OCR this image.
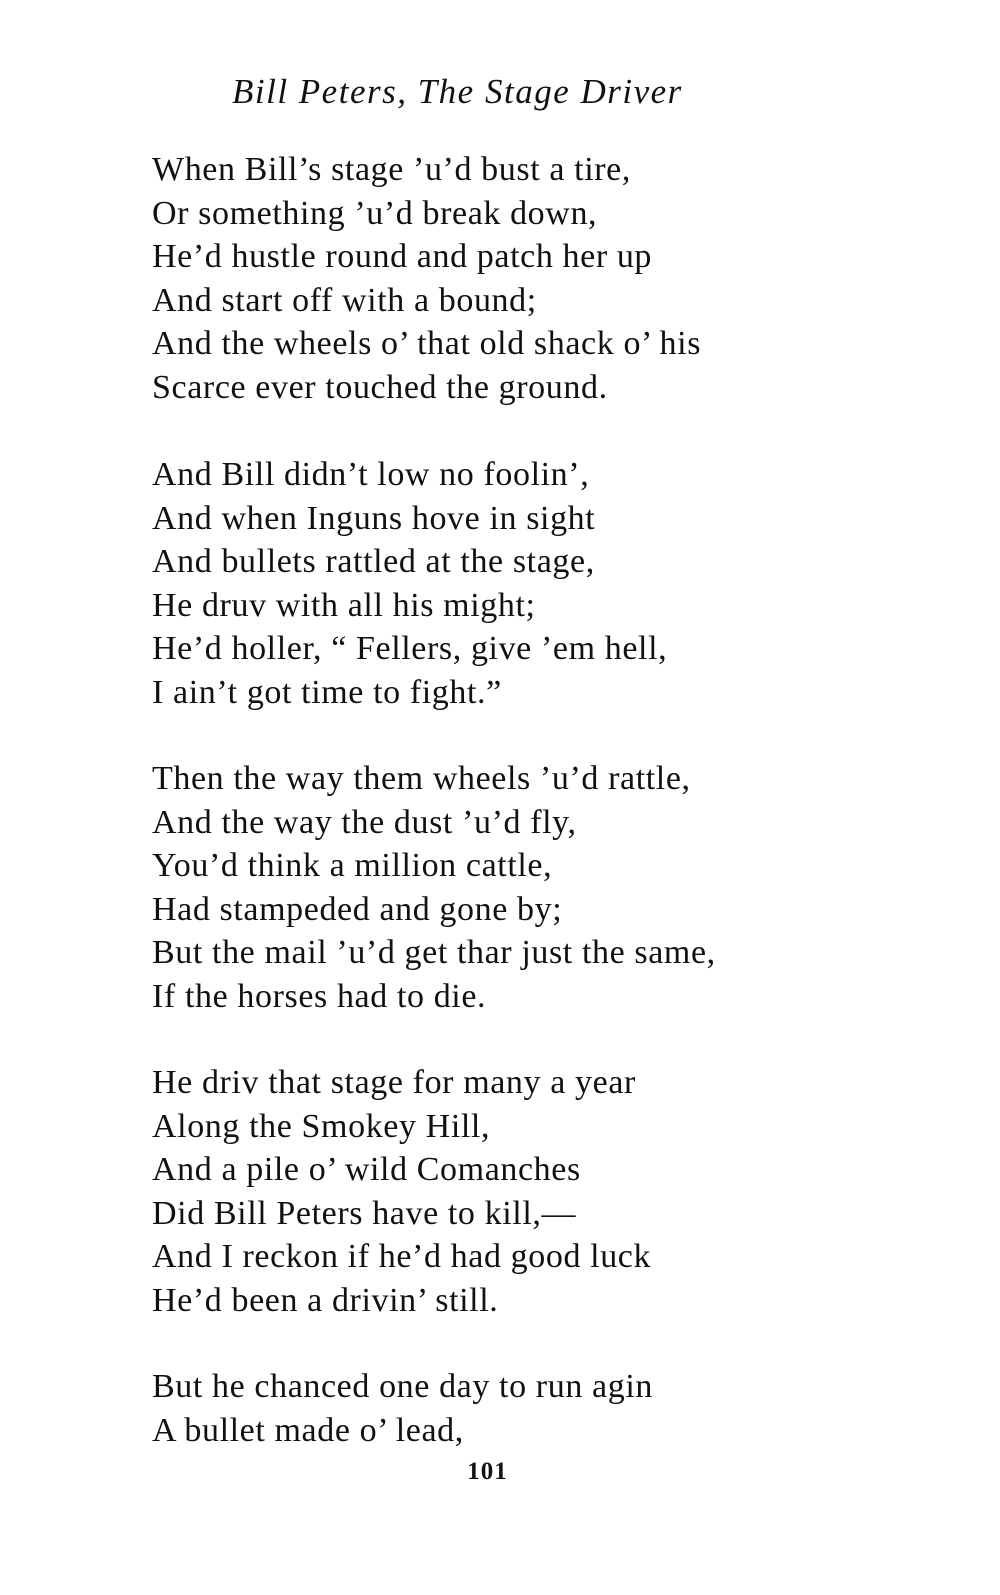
Bill Peters, The Stage Driver
When Bill’s stage ’u’d bust a tire,
Or something ’u’d break down,
He’d hustle round and patch her up
And start off with a bound;
And the wheels o’ that old shack o’ his
Scarce ever touched the ground.
And Bill didn’t low no foolin’,
And when Inguns hove in sight
And bullets rattled at the stage,
He druv with all his might;
He’d holler, “ Fellers, give ’em hell,
I ain’t got time to fight.”
Then the way them wheels ’u’d rattle,
And the way the dust ’u’d fly,
You’d think a million cattle,
Had stampeded and gone by;
But the mail ’u’d get thar just the same,
If the horses had to die.
He driv that stage for many a year
Along the Smokey Hill,
And a pile o’ wild Comanches
Did Bill Peters have to kill,—
And I reckon if he’d had good luck
He’d been a drivin’ still.
But he chanced one day to run agin
A bullet made o’ lead,
101
